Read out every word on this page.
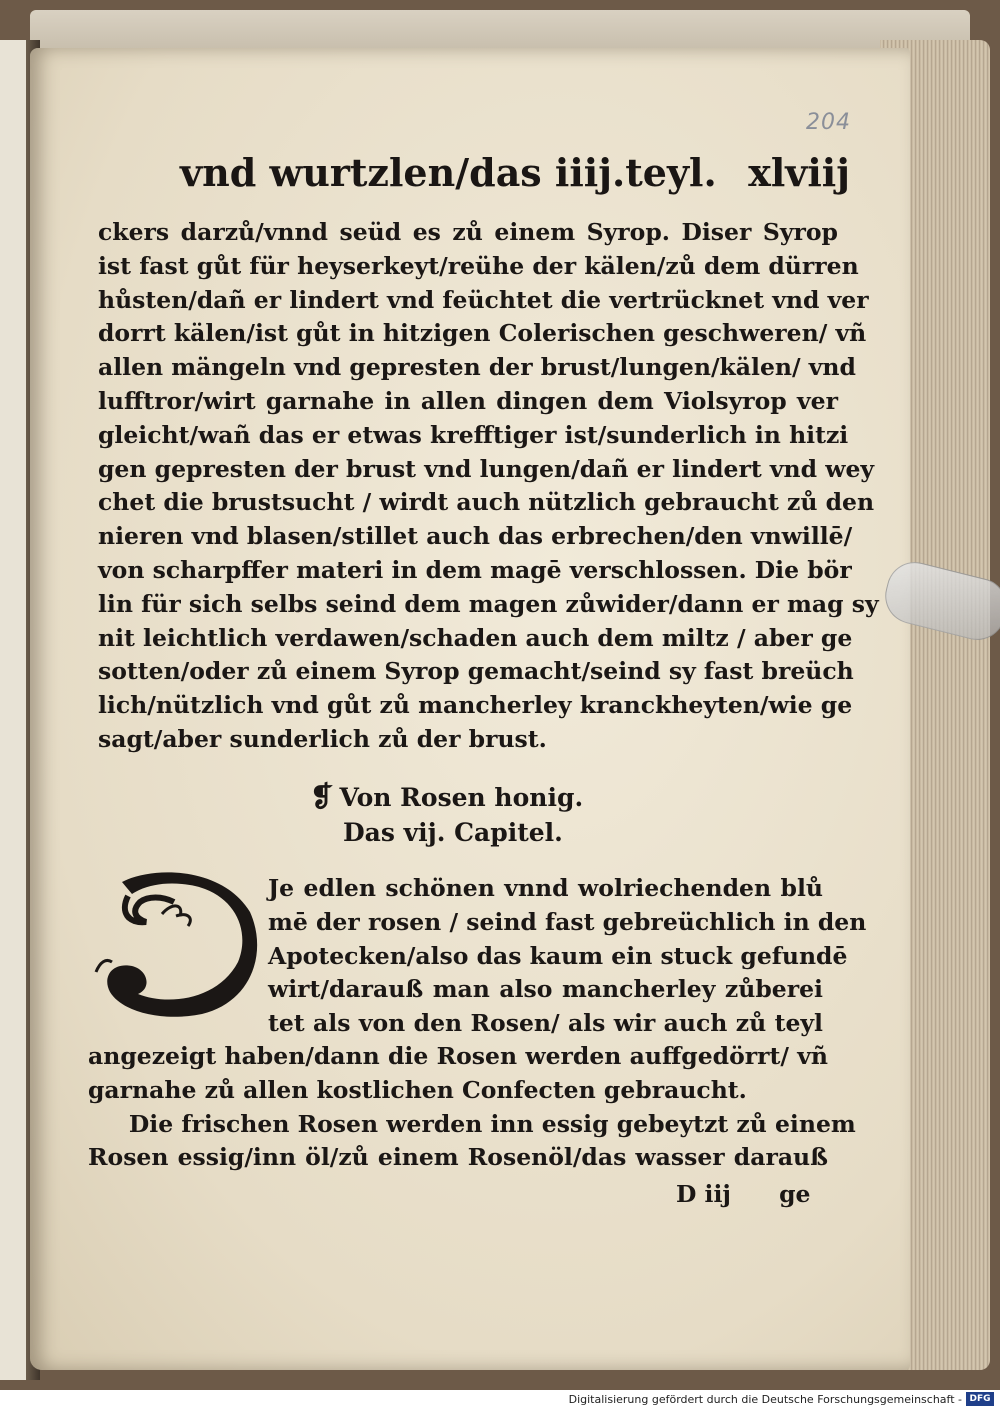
204
vnd wurtzlen/das iiij.teyl. xlviij
ckers darzů/vnnd seüd es zů einem Syrop. Diser Syrop
ist fast gůt für heyserkeyt/reühe der kälen/zů dem dürren
hůsten/dañ er lindert vnd feüchtet die vertrücknet vnd ver
dorrt kälen/ist gůt in hitzigen Colerischen geschweren/ vñ
allen mängeln vnd gepresten der brust/lungen/kälen/ vnd
lufftror/wirt garnahe in allen dingen dem Violsyrop ver
gleicht/wañ das er etwas krefftiger ist/sunderlich in hitzi
gen gepresten der brust vnd lungen/dañ er lindert vnd wey
chet die brustsucht / wirdt auch nützlich gebraucht zů den
nieren vnd blasen/stillet auch das erbrechen/den vnwillē/
von scharpffer materi in dem magē verschlossen. Die bör
lin für sich selbs seind dem magen zůwider/dann er mag sy
nit leichtlich verdawen/schaden auch dem miltz / aber ge
sotten/oder zů einem Syrop gemacht/seind sy fast breüch
lich/nützlich vnd gůt zů mancherley kranckheyten/wie ge
sagt/aber sunderlich zů der brust.
❡ Von Rosen honig.
Das vij. Capitel.
Je edlen schönen vnnd wolriechenden blů
mē der rosen / seind fast gebreüchlich in den
Apotecken/also das kaum ein stuck gefundē
wirt/darauß man also mancherley zůberei
tet als von den Rosen/ als wir auch zů teyl
angezeigt haben/dann die Rosen werden auffgedörrt/ vñ
garnahe zů allen kostlichen Confecten gebraucht.
Die frischen Rosen werden inn essig gebeytzt zů einem
Rosen essig/inn öl/zů einem Rosenöl/das wasser darauß
D iij ge
Digitalisierung gefördert durch die Deutsche Forschungsgemeinschaft - DFG
